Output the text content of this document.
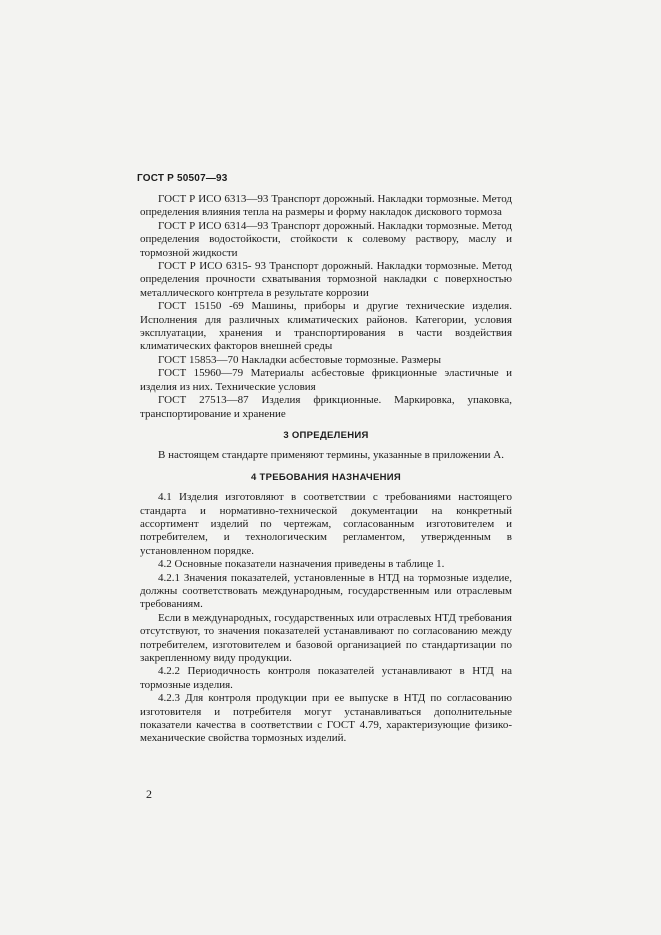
ГОСТ Р 50507—93

ГОСТ Р ИСО 6313—93 Транспорт дорожный. Накладки тормозные. Метод определения влияния тепла на размеры и форму накладок дискового тормоза

ГОСТ Р ИСО 6314—93 Транспорт дорожный. Накладки тормозные. Метод определения водостойкости, стойкости к солевому раствору, маслу и тормозной жидкости

ГОСТ Р ИСО 6315- 93 Транспорт дорожный. Накладки тормозные. Метод определения прочности схватывания тормозной накладки с поверхностью металлического контртела в результате коррозии

ГОСТ 15150 -69 Машины, приборы и другие технические изделия. Исполнения для различных климатических районов. Категории, условия эксплуатации, хранения и транспортирования в части воздействия климатических факторов внешней среды

ГОСТ 15853—70 Накладки асбестовые тормозные. Размеры

ГОСТ 15960—79 Материалы асбестовые фрикционные эластичные и изделия из них. Технические условия

ГОСТ 27513—87 Изделия фрикционные. Маркировка, упаковка, транспортирование и хранение

3 ОПРЕДЕЛЕНИЯ

В настоящем стандарте применяют термины, указанные в приложении А.

4 ТРЕБОВАНИЯ НАЗНАЧЕНИЯ

4.1 Изделия изготовляют в соответствии с требованиями настоящего стандарта и нормативно-технической документации на конкретный ассортимент изделий по чертежам, согласованным изготовителем и потребителем, и технологическим регламентом, утвержденным в установленном порядке.

4.2 Основные показатели назначения приведены в таблице 1.

4.2.1 Значения показателей, установленные в НТД на тормозные изделие, должны соответствовать международным, государственным или отраслевым требованиям.

Если в международных, государственных или отраслевых НТД требования отсутствуют, то значения показателей устанавливают по согласованию между потребителем, изготовителем и базовой организацией по стандартизации по закрепленному виду продукции.

4.2.2 Периодичность контроля показателей устанавливают в НТД на тормозные изделия.

4.2.3 Для контроля продукции при ее выпуске в НТД по согласованию изготовителя и потребителя могут устанавливаться дополнительные показатели качества в соответствии с ГОСТ 4.79, характеризующие физико-механические свойства тормозных изделий.

2
